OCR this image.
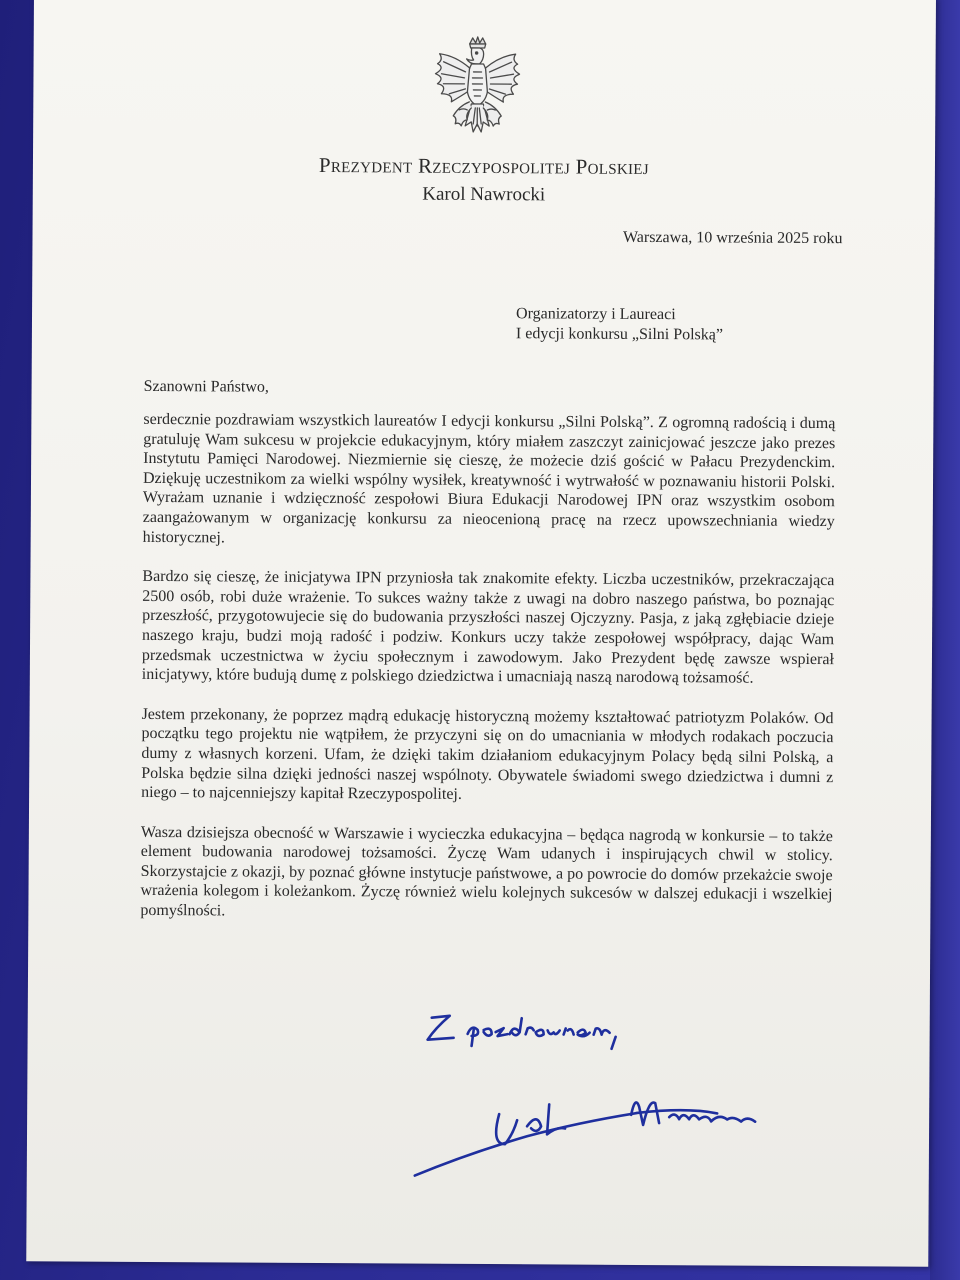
Prezydent Rzeczypospolitej Polskiej
Karol Nawrocki
Warszawa, 10 września 2025 roku
Organizatorzy i Laureaci
I edycji konkursu „Silni Polską”
Szanowni Państwo,

serdecznie pozdrawiam wszystkich laureatów I edycji konkursu „Silni Polską”. Z ogromną radością i dumą gratuluję Wam sukcesu w projekcie edukacyjnym, który miałem zaszczyt zainicjować jeszcze jako prezes Instytutu Pamięci Narodowej. Niezmiernie się cieszę, że możecie dziś gościć w Pałacu Prezydenckim. Dziękuję uczestnikom za wielki wspólny wysiłek, kreatywność i wytrwałość w poznawaniu historii Polski. Wyrażam uznanie i wdzięczność zespołowi Biura Edukacji Narodowej IPN oraz wszystkim osobom zaangażowanym w organizację konkursu za nieocenioną pracę na rzecz upowszechniania wiedzy historycznej.

Bardzo się cieszę, że inicjatywa IPN przyniosła tak znakomite efekty. Liczba uczestników, przekraczająca 2500 osób, robi duże wrażenie. To sukces ważny także z uwagi na dobro naszego państwa, bo poznając przeszłość, przygotowujecie się do budowania przyszłości naszej Ojczyzny. Pasja, z jaką zgłębiacie dzieje naszego kraju, budzi moją radość i podziw. Konkurs uczy także zespołowej współpracy, dając Wam przedsmak uczestnictwa w życiu społecznym i zawodowym. Jako Prezydent będę zawsze wspierał inicjatywy, które budują dumę z polskiego dziedzictwa i umacniają naszą narodową tożsamość.

Jestem przekonany, że poprzez mądrą edukację historyczną możemy kształtować patriotyzm Polaków. Od początku tego projektu nie wątpiłem, że przyczyni się on do umacniania w młodych rodakach poczucia dumy z własnych korzeni. Ufam, że dzięki takim działaniom edukacyjnym Polacy będą silni Polską, a Polska będzie silna dzięki jedności naszej wspólnoty. Obywatele świadomi swego dziedzictwa i dumni z niego – to najcenniejszy kapitał Rzeczypospolitej.

Wasza dzisiejsza obecność w Warszawie i wycieczka edukacyjna – będąca nagrodą w konkursie – to także element budowania narodowej tożsamości. Życzę Wam udanych i inspirujących chwil w stolicy. Skorzystajcie z okazji, by poznać główne instytucje państwowe, a po powrocie do domów przekażcie swoje wrażenia kolegom i koleżankom. Życzę również wielu kolejnych sukcesów w dalszej edukacji i wszelkiej pomyślności.
